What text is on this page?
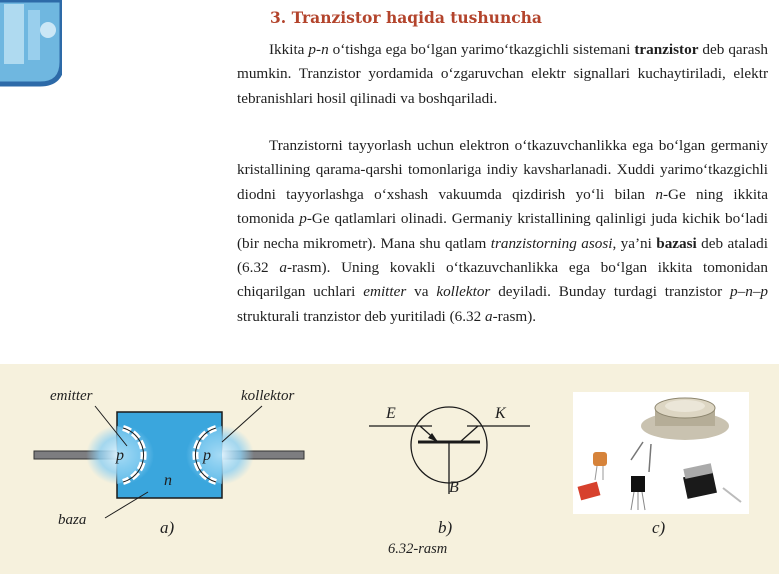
3. Tranzistor haqida tushuncha

Ikkita p-n o‘tishga ega bo‘lgan yarimo‘tkazgichli sistemani tranzistor deb qarash mumkin. Tranzistor yordamida o‘zgaruvchan elektr signallari kuchaytiriladi, elektr tebranishlari hosil qilinadi va boshqariladi.

Tranzistorni tayyorlash uchun elektron o‘tkazuvchanlikka ega bo‘lgan germaniy kristallining qarama-qarshi tomonlariga indiy kavsharlanadi. Xuddi yarimo‘tkazgichli diodni tayyorlashga o‘xshash vakuumda qizdirish yo‘li bilan n-Ge ning ikkita tomonida p-Ge qatlamlari olinadi. Germaniy kristallining qalinligi juda kichik bo‘ladi (bir necha mikrometr). Mana shu qatlam tranzistorning asosi, ya’ni bazasi deb ataladi (6.32 a-rasm). Uning kovakli o‘tkazuvchanlikka ega bo‘lgan ikkita tomonidan chiqarilgan uchlari emitter va kollektor deyiladi. Bunday turdagi tranzistor p–n–p strukturali tranzistor deb yuritiladi (6.32 a-rasm).

emitter	kollektor
p	p
n
baza	a)
E	K
B
b)
6.32-rasm
c)
